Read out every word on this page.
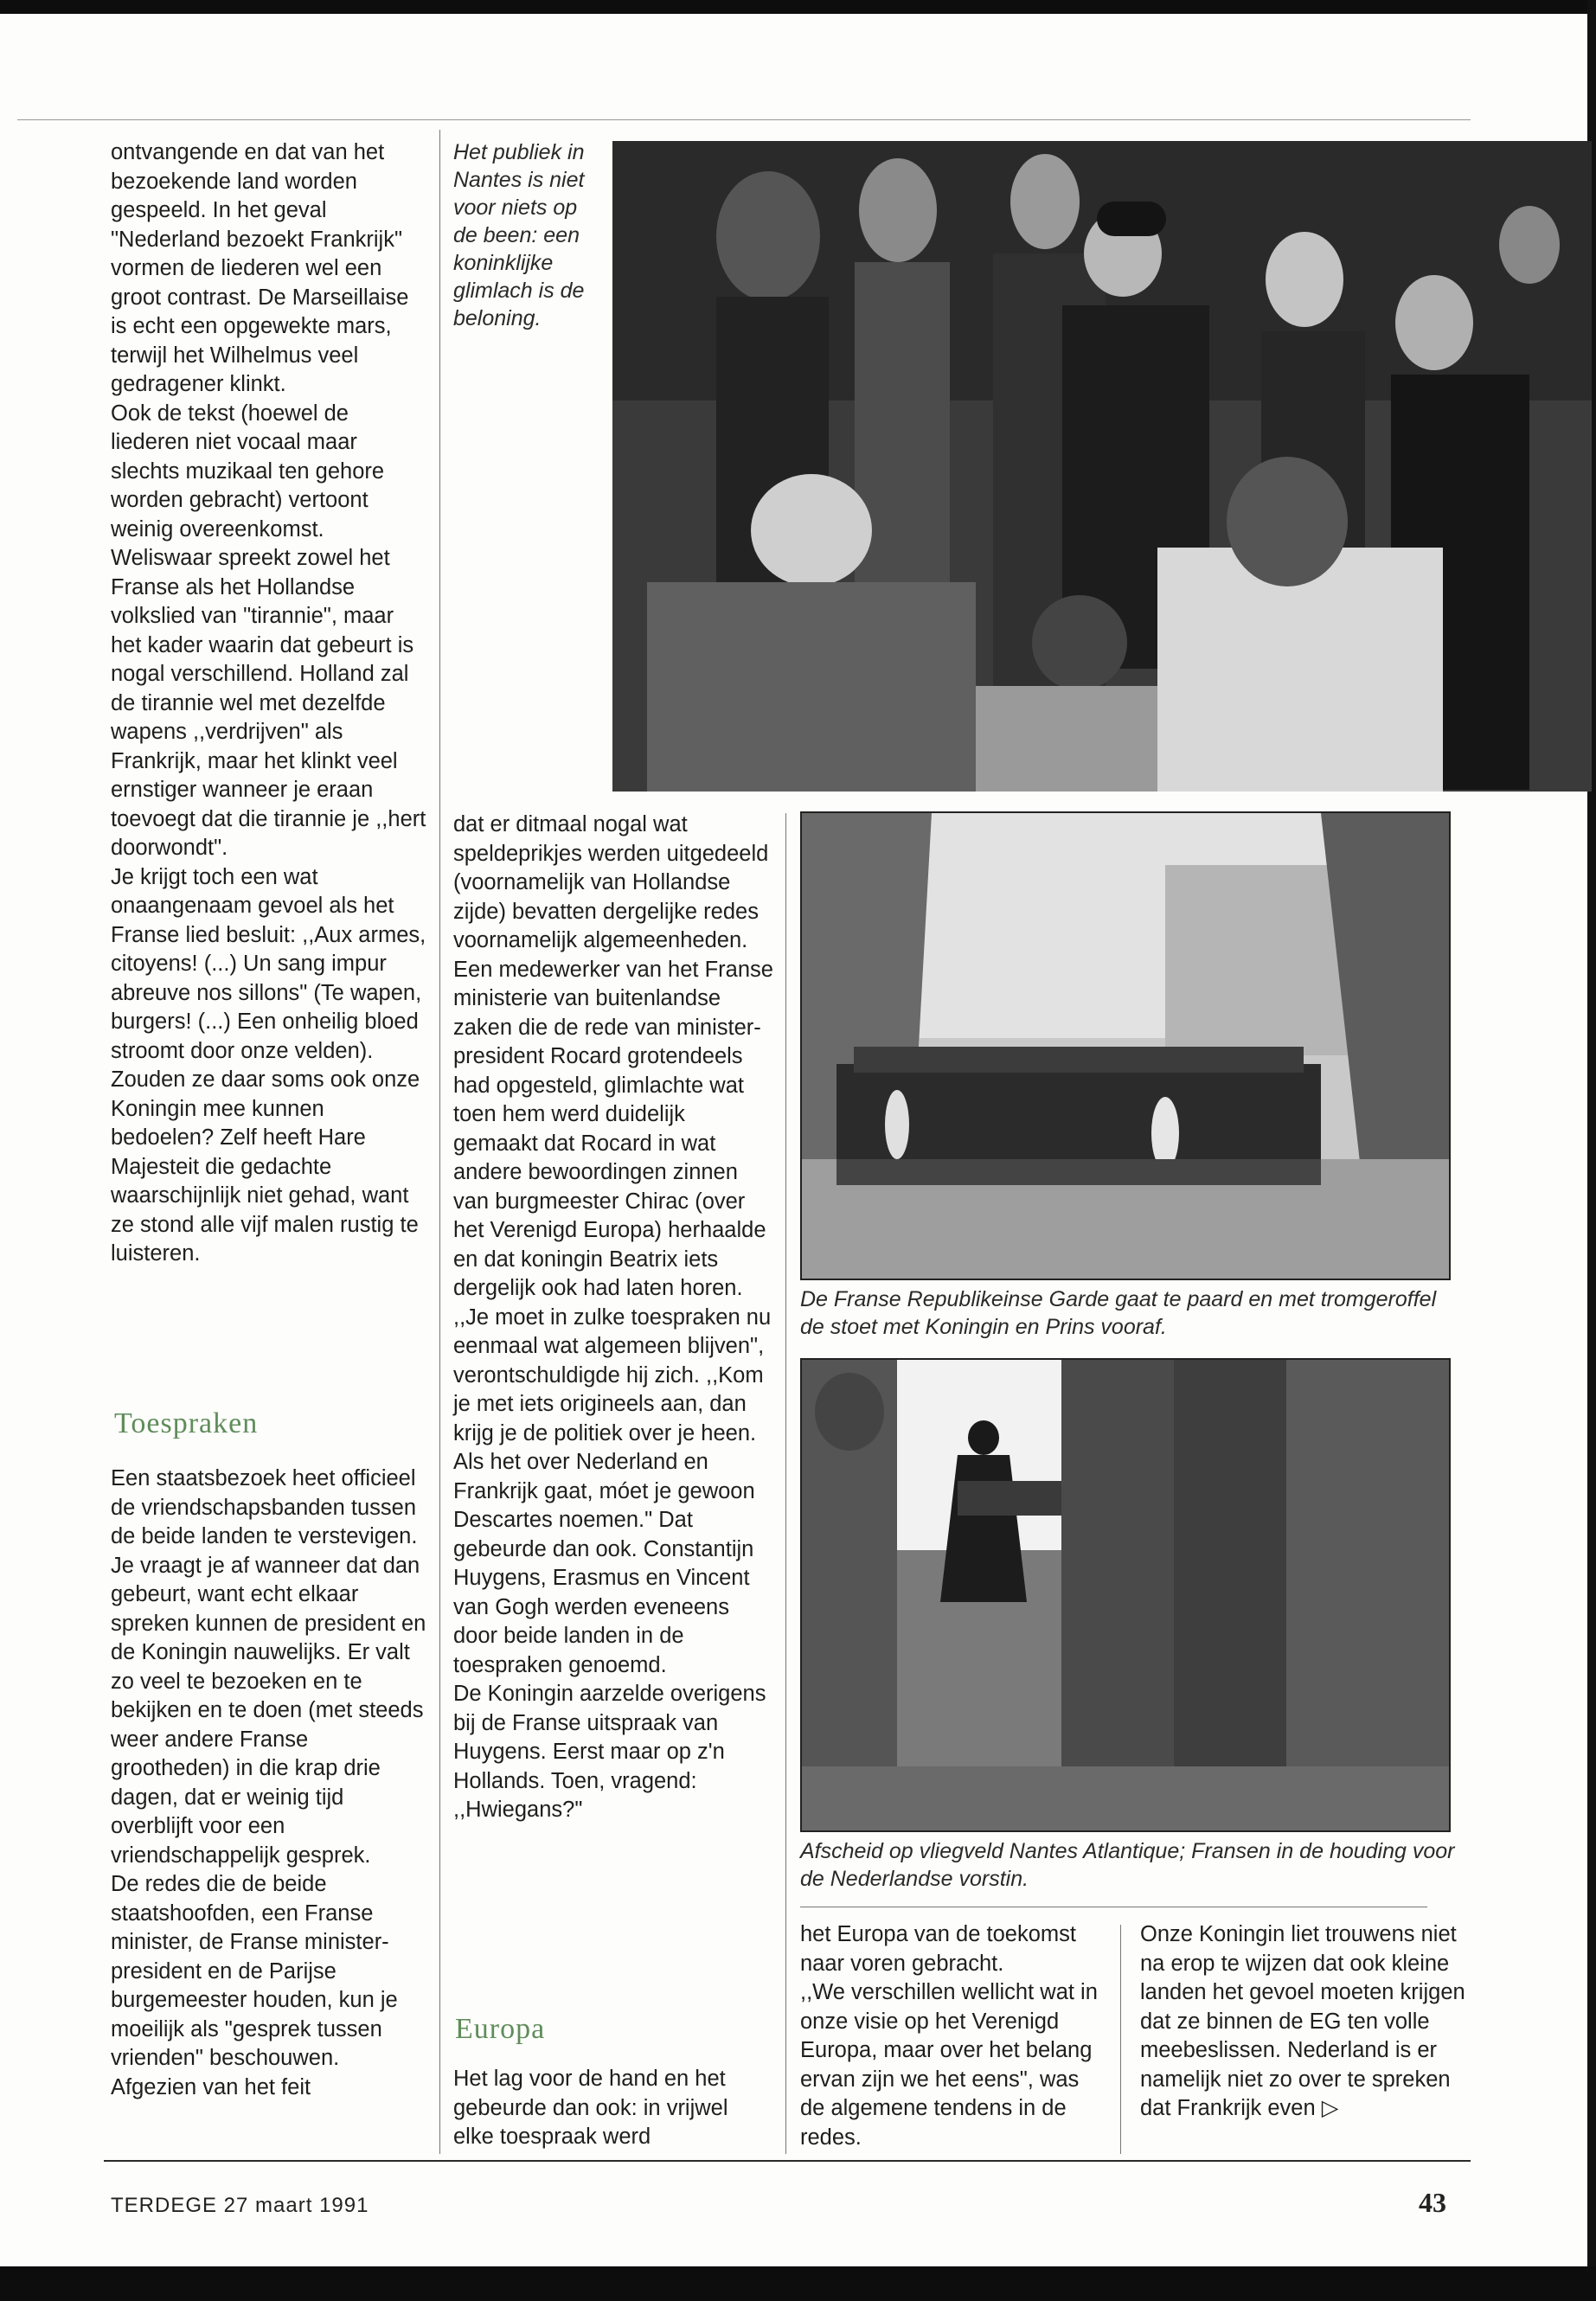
ontvangende en dat van het bezoekende land worden gespeeld. In het geval "Nederland bezoekt Frankrijk" vormen de liederen wel een groot contrast. De Marseillaise is echt een opgewekte mars, terwijl het Wilhelmus veel gedragener klinkt.

Ook de tekst (hoewel de liederen niet vocaal maar slechts muzikaal ten gehore worden gebracht) vertoont weinig overeenkomst. Weliswaar spreekt zowel het Franse als het Hollandse volkslied van "tirannie", maar het kader waarin dat gebeurt is nogal verschillend. Holland zal de tirannie wel met dezelfde wapens ,,verdrijven" als Frankrijk, maar het klinkt veel ernstiger wanneer je eraan toevoegt dat die tirannie je ,,hert doorwondt".

Je krijgt toch een wat onaangenaam gevoel als het Franse lied besluit: ,,Aux armes, citoyens! (...) Un sang impur abreuve nos sillons" (Te wapen, burgers! (...) Een onheilig bloed stroomt door onze velden). Zouden ze daar soms ook onze Koningin mee kunnen bedoelen? Zelf heeft Hare Majesteit die gedachte waarschijnlijk niet gehad, want ze stond alle vijf malen rustig te luisteren.

Toespraken

Een staatsbezoek heet officieel de vriendschapsbanden tussen de beide landen te verstevigen. Je vraagt je af wanneer dat dan gebeurt, want echt elkaar spreken kunnen de president en de Koningin nauwelijks. Er valt zo veel te bezoeken en te bekijken en te doen (met steeds weer andere Franse grootheden) in die krap drie dagen, dat er weinig tijd overblijft voor een vriendschappelijk gesprek.

De redes die de beide staatshoofden, een Franse minister, de Franse minister-president en de Parijse burgemeester houden, kun je moeilijk als "gesprek tussen vrienden" beschouwen. Afgezien van het feit

Het publiek in Nantes is niet voor niets op de been: een koninklijke glimlach is de beloning.

dat er ditmaal nogal wat speldeprikjes werden uitgedeeld (voornamelijk van Hollandse zijde) bevatten dergelijke redes voornamelijk algemeenheden.

Een medewerker van het Franse ministerie van buitenlandse zaken die de rede van minister-president Rocard grotendeels had opgesteld, glimlachte wat toen hem werd duidelijk gemaakt dat Rocard in wat andere bewoordingen zinnen van burgmeester Chirac (over het Verenigd Europa) herhaalde en dat koningin Beatrix iets dergelijk ook had laten horen.

,,Je moet in zulke toespraken nu eenmaal wat algemeen blijven", verontschuldigde hij zich. ,,Kom je met iets origineels aan, dan krijg je de politiek over je heen. Als het over Nederland en Frankrijk gaat, móet je gewoon Descartes noemen." Dat gebeurde dan ook. Constantijn Huygens, Erasmus en Vincent van Gogh werden eveneens door beide landen in de toespraken genoemd.

De Koningin aarzelde overigens bij de Franse uitspraak van Huygens. Eerst maar op z'n Hollands. Toen, vragend: ,,Hwiegans?"

Europa

Het lag voor de hand en het gebeurde dan ook: in vrijwel elke toespraak werd

De Franse Republikeinse Garde gaat te paard en met tromgeroffel de stoet met Koningin en Prins vooraf.
Afscheid op vliegveld Nantes Atlantique; Fransen in de houding voor de Nederlandse vorstin.

het Europa van de toekomst naar voren gebracht.

,,We verschillen wellicht wat in onze visie op het Verenigd Europa, maar over het belang ervan zijn we het eens", was de algemene tendens in de redes.

Onze Koningin liet trouwens niet na erop te wijzen dat ook kleine landen het gevoel moeten krijgen dat ze binnen de EG ten volle meebeslissen. Nederland is er namelijk niet zo over te spreken dat Frankrijk even ▷

TERDEGE 27 maart 1991	43
